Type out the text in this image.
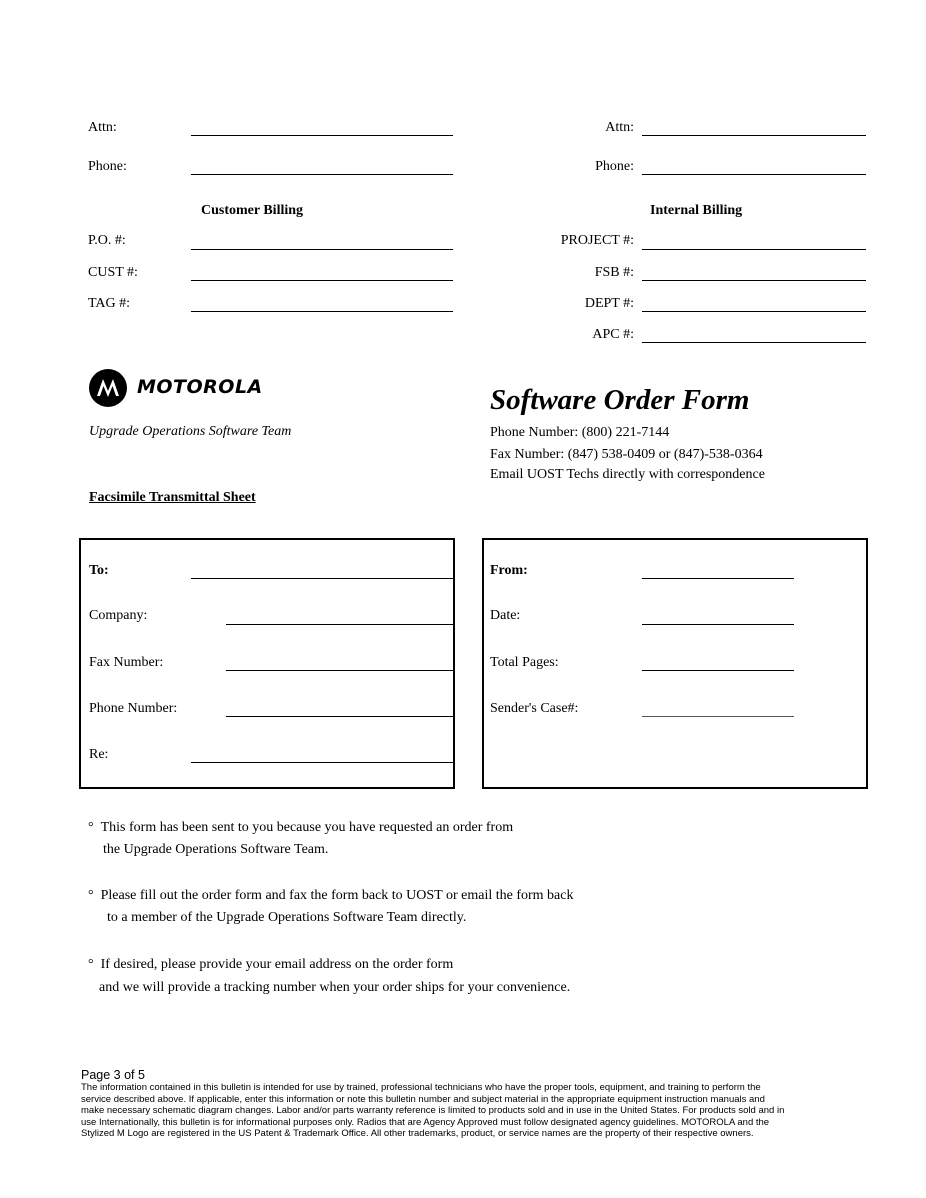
Attn:
Phone:
Attn:
Phone:
Customer Billing
P.O. #:
CUST #:
TAG #:
Internal Billing
PROJECT #:
FSB #:
DEPT #:
APC #:
MOTOROLA
Upgrade Operations Software Team
Software Order Form
Phone Number: (800) 221-7144
Fax Number: (847) 538-0409 or (847)-538-0364
Email UOST Techs directly with correspondence
Facsimile Transmittal Sheet
To:
Company:
Fax Number:
Phone Number:
Re:
From:
Date:
Total Pages:
Sender's Case#:
° This form has been sent to you because you have requested an order from
the Upgrade Operations Software Team.
° Please fill out the order form and fax the form back to UOST or email the form back
to a member of the Upgrade Operations Software Team directly.
° If desired, please provide your email address on the order form
and we will provide a tracking number when your order ships for your convenience.
Page 3 of 5
The information contained in this bulletin is intended for use by trained, professional technicians who have the proper tools, equipment, and training to perform the
service described above. If applicable, enter this information or note this bulletin number and subject material in the appropriate equipment instruction manuals and
make necessary schematic diagram changes. Labor and/or parts warranty reference is limited to products sold and in use in the United States. For products sold and in
use Internationally, this bulletin is for informational purposes only. Radios that are Agency Approved must follow designated agency guidelines. MOTOROLA and the
Stylized M Logo are registered in the US Patent & Trademark Office. All other trademarks, product, or service names are the property of their respective owners.
